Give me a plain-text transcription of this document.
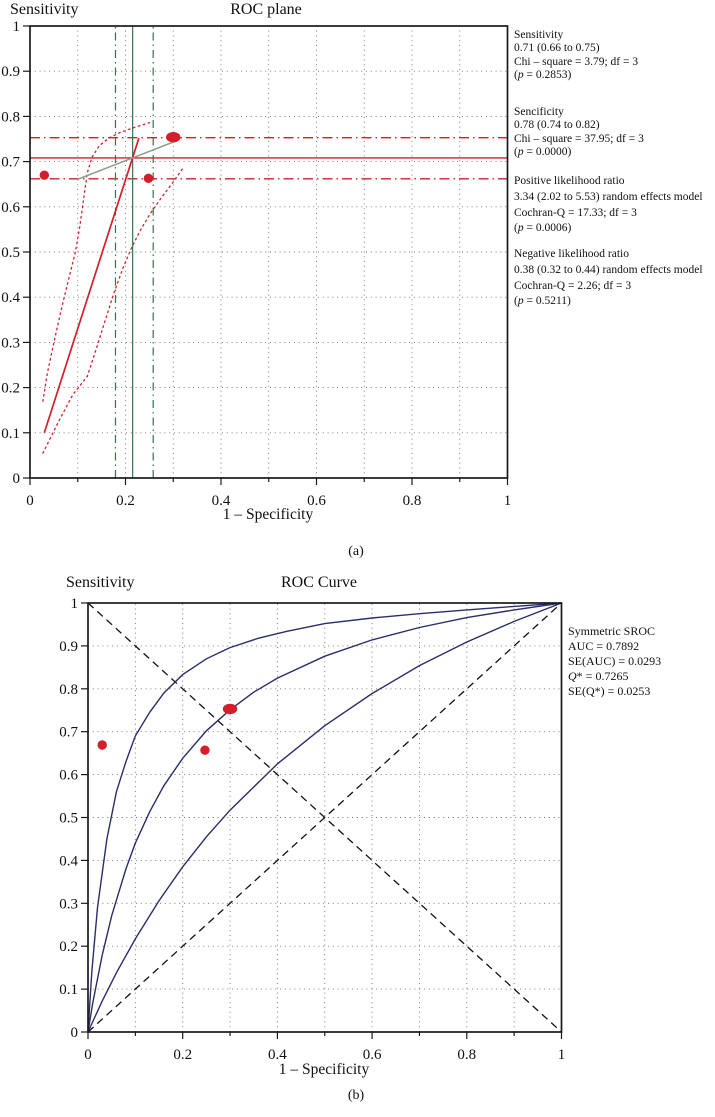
0	0.2	0.4	0.6	0.8	1
0
0.1
0.2
0.3
0.4
0.5
0.6
0.7
0.8
0.9
1
ROC plane
Sensitivity
1 – Specificity
0	0.2	0.4	0.6	0.8	1
0
0.1
0.2
0.3
0.4
0.5
0.6
0.7
0.8
0.9
1
ROC Curve
Sensitivity
1 – Specificity
(a)
(b)
Sensitivity
0.71 (0.66 to 0.75)
Chi – square = 3.79; df = 3
(p = 0.2853)
Sencificity
0.78 (0.74 to 0.82)
Chi – square = 37.95; df = 3
(p = 0.0000)
Positive likelihood ratio
3.34 (2.02 to 5.53) random effects model
Cochran-Q = 17.33; df = 3
(p = 0.0006)
Negative likelihood ratio
0.38 (0.32 to 0.44) random effects model
Cochran-Q = 2.26; df = 3
(p = 0.5211)
Symmetric SROC
AUC = 0.7892
SE(AUC) = 0.0293
Q* = 0.7265
SE(Q*) = 0.0253
